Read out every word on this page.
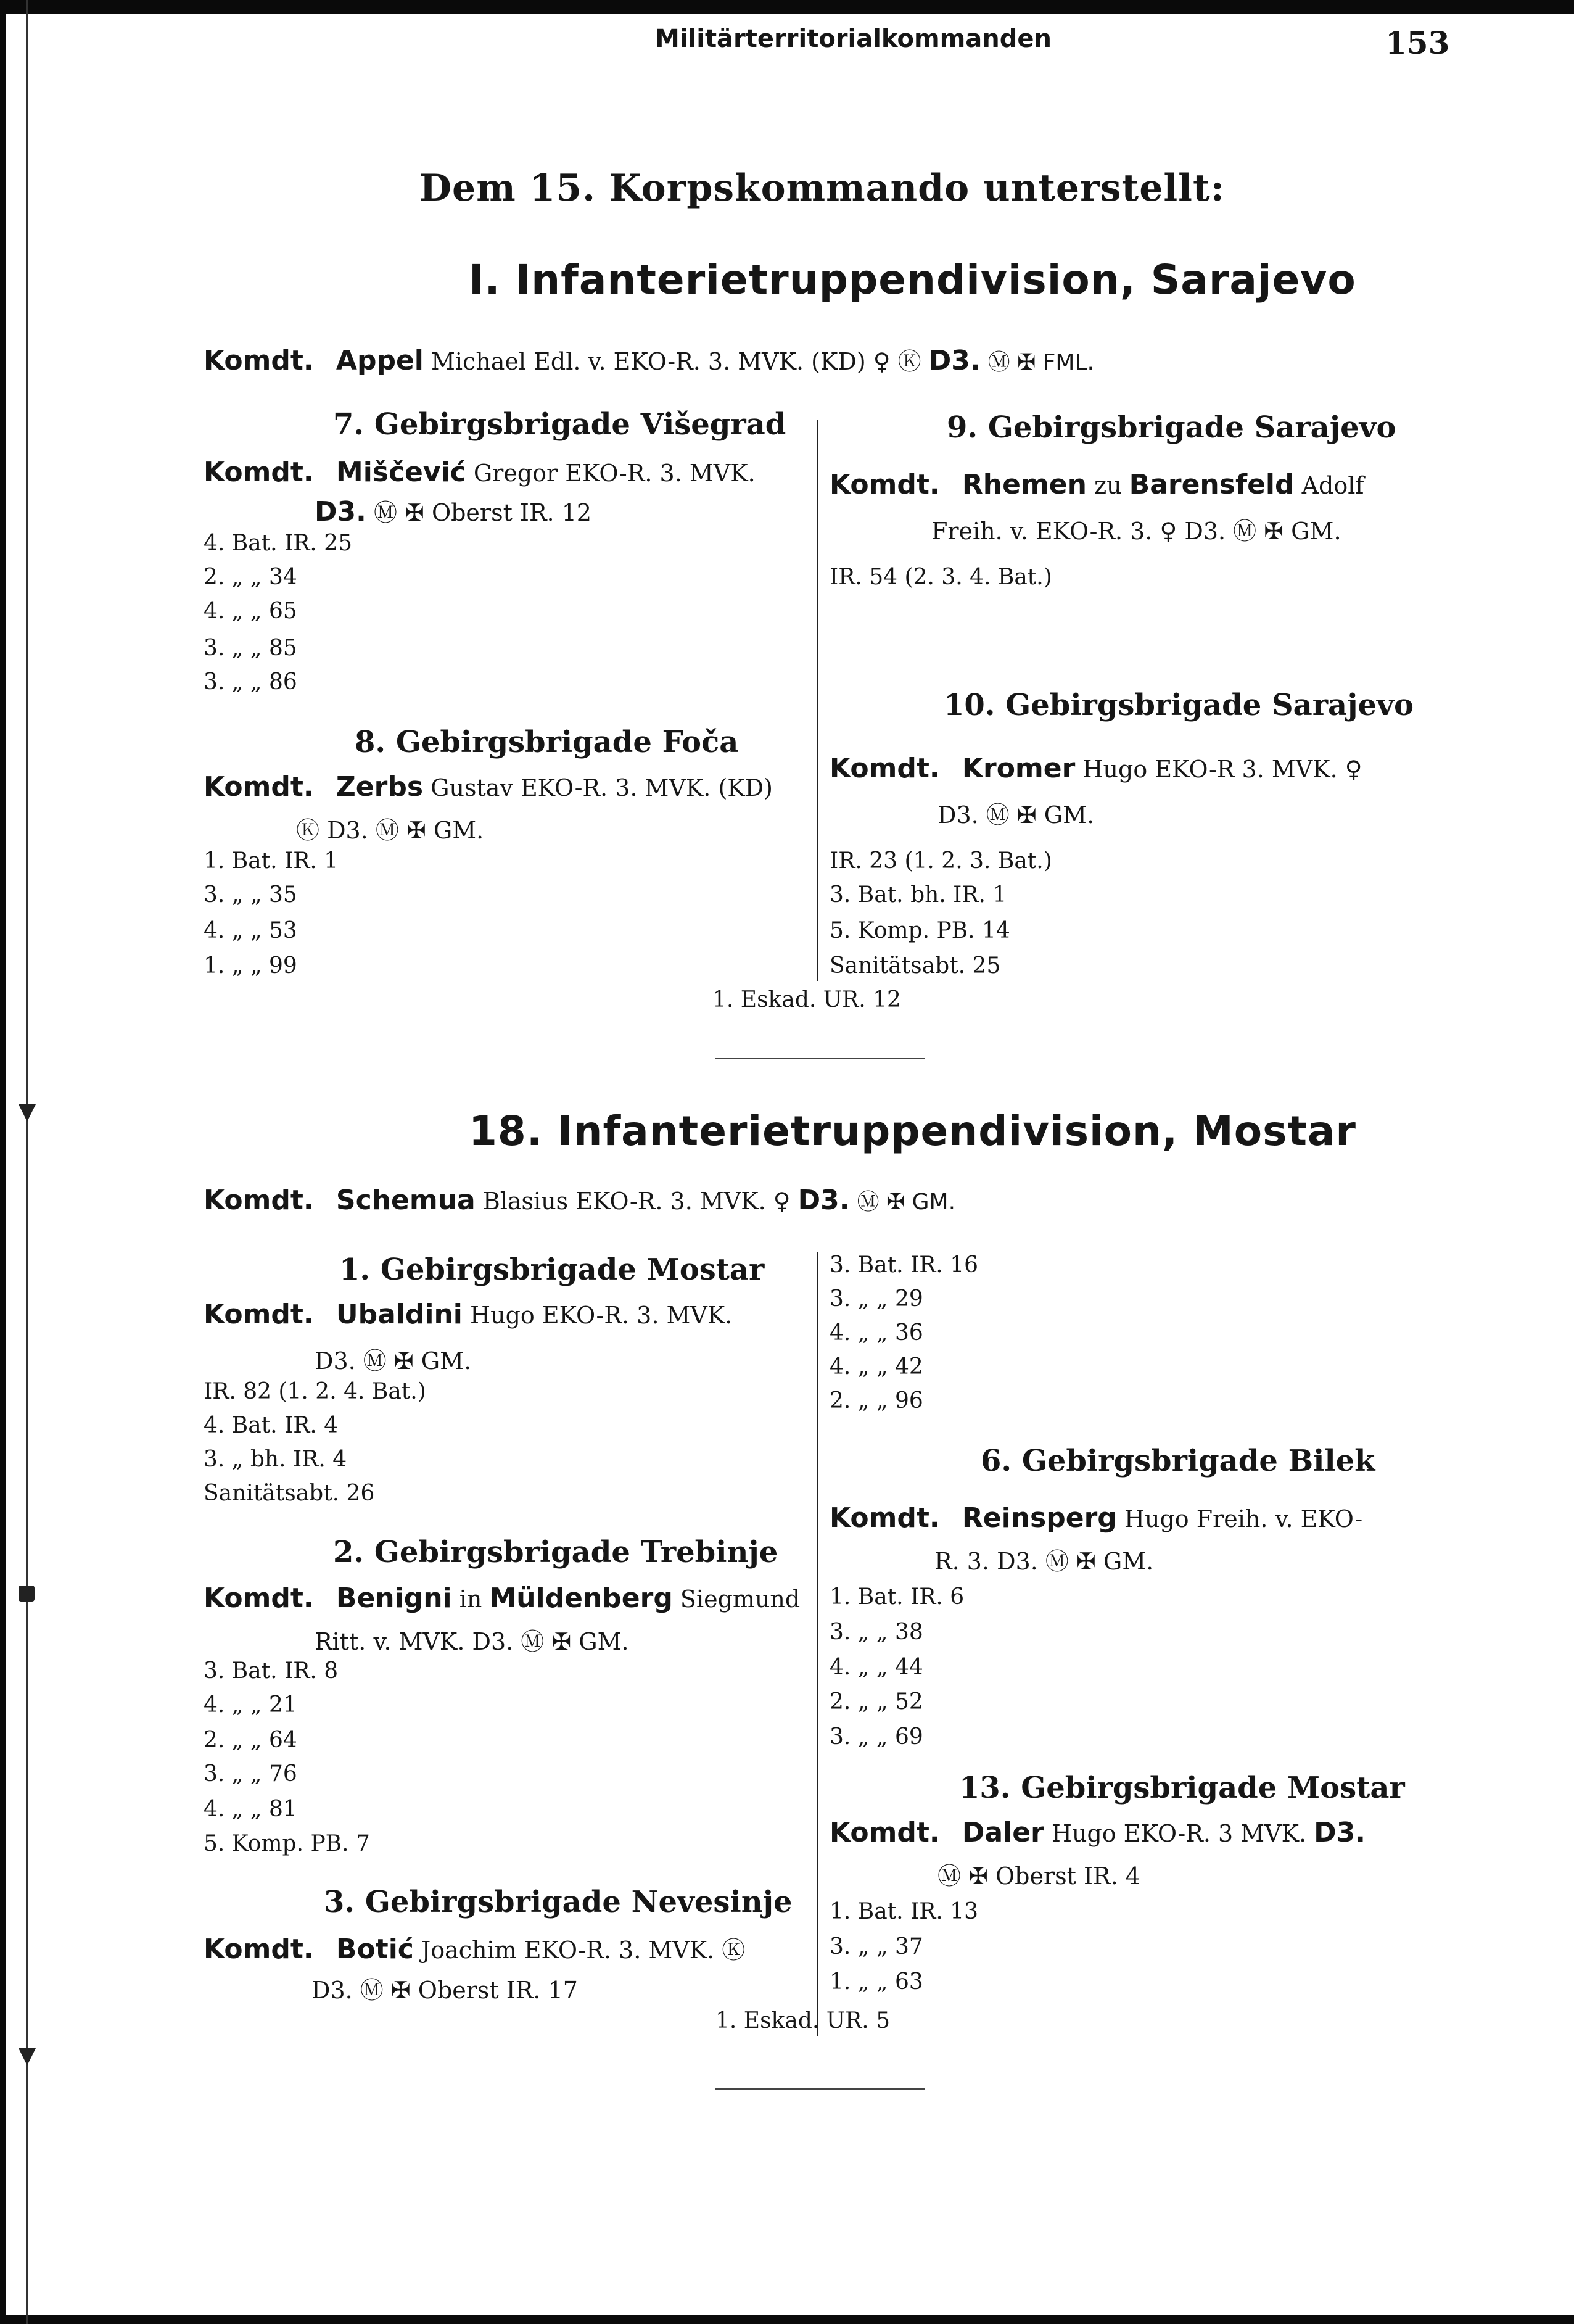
Militärterritorialkommanden	153
Dem 15. Korpskommando unterstellt:
I. Infanterietruppendivision, Sarajevo
Komdt. Appel Michael Edl. v. EKO-R. 3. MVK. (KD) ♀ Ⓚ D3. Ⓜ ✠ FML.
7. Gebirgsbrigade Višegrad
Komdt. Miščević Gregor EKO-R. 3. MVK.
D3. Ⓜ ✠ Oberst IR. 12
4. Bat. IR. 25
2. „ „ 34
4. „ „ 65
3. „ „ 85
3. „ „ 86
8. Gebirgsbrigade Foča
Komdt. Zerbs Gustav EKO-R. 3. MVK. (KD)
Ⓚ D3. Ⓜ ✠ GM.
1. Bat. IR. 1
3. „ „ 35
4. „ „ 53
1. „ „ 99
9. Gebirgsbrigade Sarajevo
Komdt. Rhemen zu Barensfeld Adolf
Freih. v. EKO-R. 3. ♀ D3. Ⓜ ✠ GM.
IR. 54 (2. 3. 4. Bat.)
10. Gebirgsbrigade Sarajevo
Komdt. Kromer Hugo EKO-R 3. MVK. ♀
D3. Ⓜ ✠ GM.
IR. 23 (1. 2. 3. Bat.)
3. Bat. bh. IR. 1
5. Komp. PB. 14
Sanitätsabt. 25
1. Eskad. UR. 12
18. Infanterietruppendivision, Mostar
Komdt. Schemua Blasius EKO-R. 3. MVK. ♀ D3. Ⓜ ✠ GM.
1. Gebirgsbrigade Mostar
Komdt. Ubaldini Hugo EKO-R. 3. MVK.
D3. Ⓜ ✠ GM.
IR. 82 (1. 2. 4. Bat.)
4. Bat. IR. 4
3. „ bh. IR. 4
Sanitätsabt. 26
2. Gebirgsbrigade Trebinje
Komdt. Benigni in Müldenberg Siegmund
Ritt. v. MVK. D3. Ⓜ ✠ GM.
3. Bat. IR. 8
4. „ „ 21
2. „ „ 64
3. „ „ 76
4. „ „ 81
5. Komp. PB. 7
3. Gebirgsbrigade Nevesinje
Komdt. Botić Joachim EKO-R. 3. MVK. Ⓚ
D3. Ⓜ ✠ Oberst IR. 17
3. Bat. IR. 16
3. „ „ 29
4. „ „ 36
4. „ „ 42
2. „ „ 96
6. Gebirgsbrigade Bilek
Komdt. Reinsperg Hugo Freih. v. EKO-
R. 3. D3. Ⓜ ✠ GM.
1. Bat. IR. 6
3. „ „ 38
4. „ „ 44
2. „ „ 52
3. „ „ 69
13. Gebirgsbrigade Mostar
Komdt. Daler Hugo EKO-R. 3 MVK. D3.
Ⓜ ✠ Oberst IR. 4
1. Bat. IR. 13
3. „ „ 37
1. „ „ 63
1. Eskad. UR. 5
